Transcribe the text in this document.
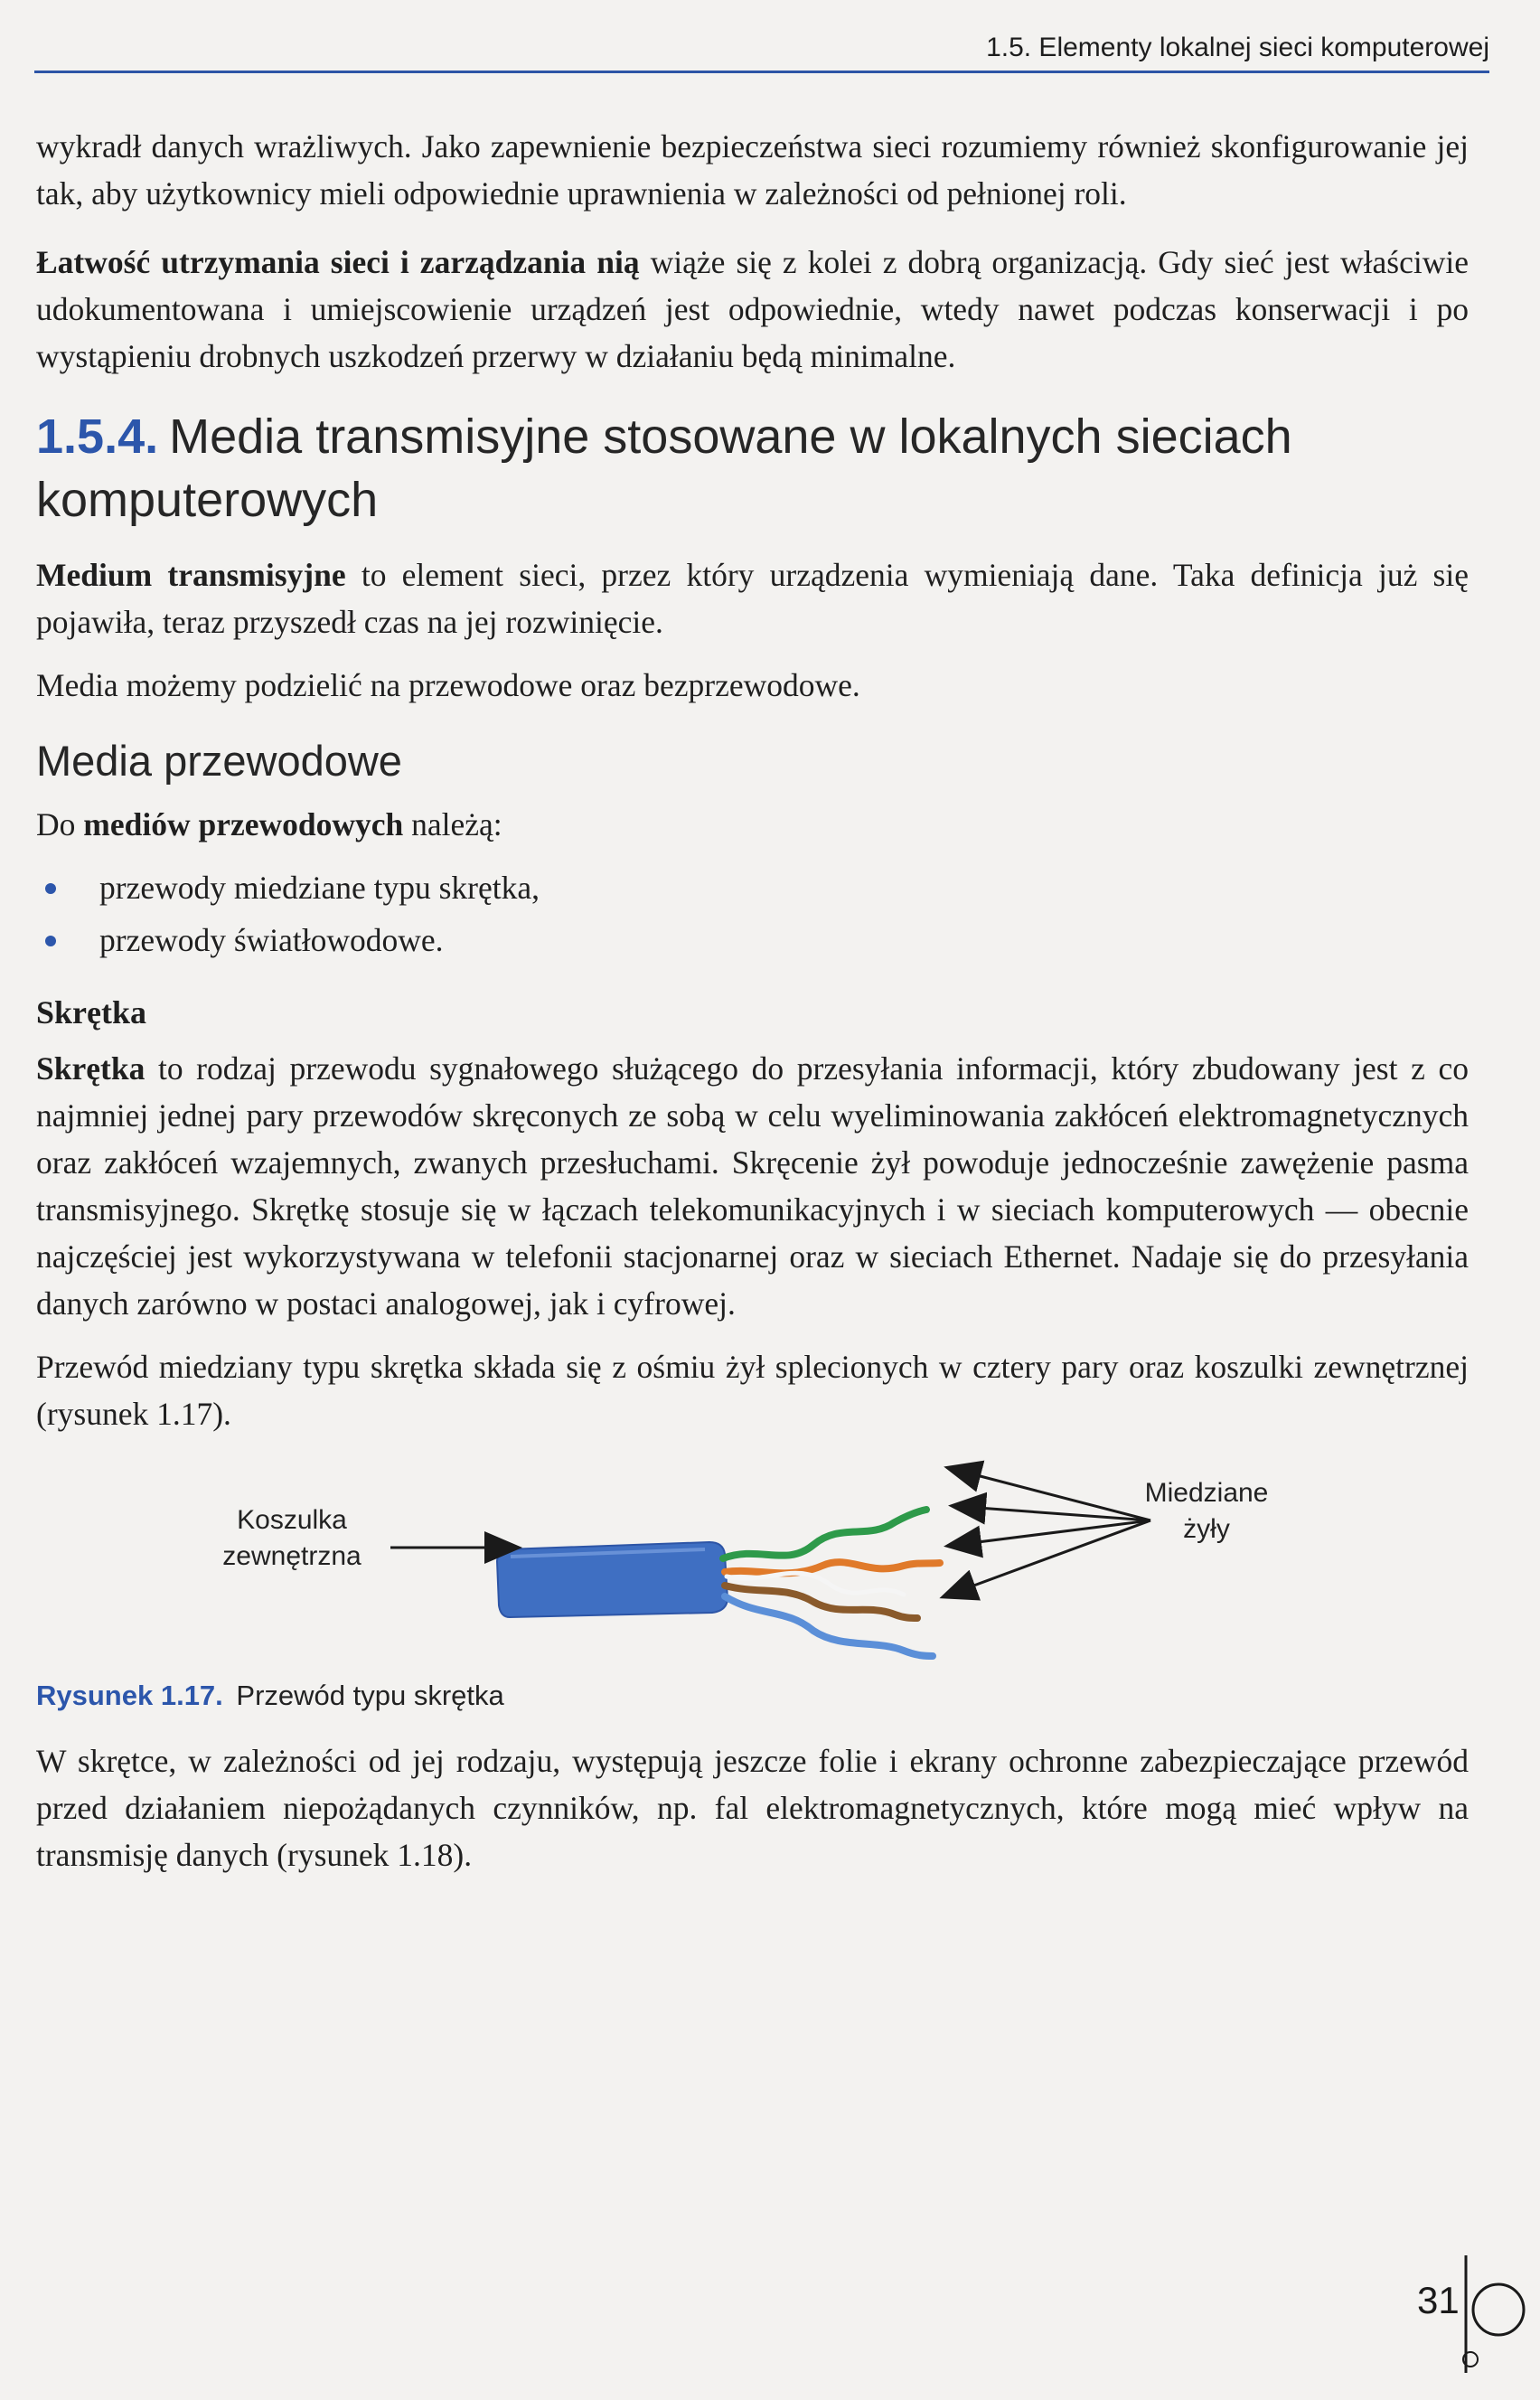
1.5. Elementy lokalnej sieci komputerowej

wykradł danych wrażliwych. Jako zapewnienie bezpieczeństwa sieci rozumiemy również skonfigurowanie jej tak, aby użytkownicy mieli odpowiednie uprawnienia w zależności od pełnionej roli.

Łatwość utrzymania sieci i zarządzania nią wiąże się z kolei z dobrą organizacją. Gdy sieć jest właściwie udokumentowana i umiejscowienie urządzeń jest odpowiednie, wtedy nawet podczas konserwacji i po wystąpieniu drobnych uszkodzeń przerwy w działaniu będą minimalne.

1.5.4. Media transmisyjne stosowane w lokalnych sieciach komputerowych

Medium transmisyjne to element sieci, przez który urządzenia wymieniają dane. Taka definicja już się pojawiła, teraz przyszedł czas na jej rozwinięcie.

Media możemy podzielić na przewodowe oraz bezprzewodowe.

Media przewodowe

Do mediów przewodowych należą:

przewody miedziane typu skrętka,
przewody światłowodowe.
Skrętka

Skrętka to rodzaj przewodu sygnałowego służącego do przesyłania informacji, który zbudowany jest z co najmniej jednej pary przewodów skręconych ze sobą w celu wyeliminowania zakłóceń elektromagnetycznych oraz zakłóceń wzajemnych, zwanych przesłuchami. Skręcenie żył powoduje jednocześnie zawężenie pasma transmisyjnego. Skrętkę stosuje się w łączach telekomunikacyjnych i w sieciach komputerowych — obecnie najczęściej jest wykorzystywana w telefonii stacjonarnej oraz w sieciach Ethernet. Nadaje się do przesyłania danych zarówno w postaci analogowej, jak i cyfrowej.

Przewód miedziany typu skrętka składa się z ośmiu żył splecionych w cztery pary oraz koszulki zewnętrznej (rysunek 1.17).

Koszulka
zewnętrzna
Miedziane
żyły
Rysunek 1.17. Przewód typu skrętka

W skrętce, w zależności od jej rodzaju, występują jeszcze folie i ekrany ochronne zabezpieczające przewód przed działaniem niepożądanych czynników, np. fal elektromagnetycznych, które mogą mieć wpływ na transmisję danych (rysunek 1.18).

31
